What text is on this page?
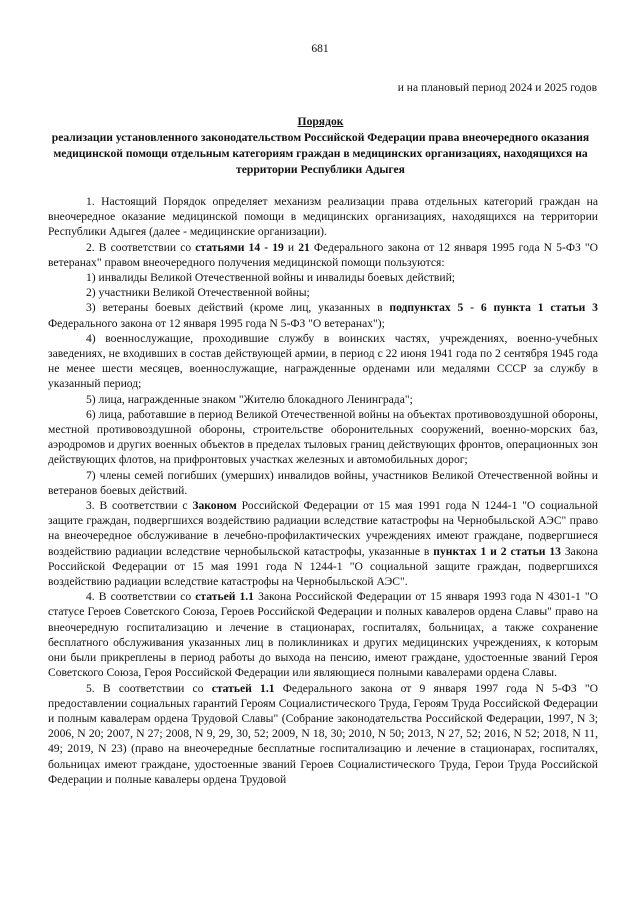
681
и на плановый период 2024 и 2025 годов
Порядок
реализации установленного законодательством Российской Федерации права внеочередного оказания медицинской помощи отдельным категориям граждан в медицинских организациях, находящихся на территории Республики Адыгея

1. Настоящий Порядок определяет механизм реализации права отдельных категорий граждан на внеочередное оказание медицинской помощи в медицинских организациях, находящихся на территории Республики Адыгея (далее - медицинские организации).

2. В соответствии со статьями 14 - 19 и 21 Федерального закона от 12 января 1995 года N 5-ФЗ "О ветеранах" правом внеочередного получения медицинской помощи пользуются:

1) инвалиды Великой Отечественной войны и инвалиды боевых действий;

2) участники Великой Отечественной войны;

3) ветераны боевых действий (кроме лиц, указанных в подпунктах 5 - 6 пункта 1 статьи 3 Федерального закона от 12 января 1995 года N 5-ФЗ "О ветеранах");

4) военнослужащие, проходившие службу в воинских частях, учреждениях, военно-учебных заведениях, не входивших в состав действующей армии, в период с 22 июня 1941 года по 2 сентября 1945 года не менее шести месяцев, военнослужащие, награжденные орденами или медалями СССР за службу в указанный период;

5) лица, награжденные знаком "Жителю блокадного Ленинграда";

6) лица, работавшие в период Великой Отечественной войны на объектах противовоздушной обороны, местной противовоздушной обороны, строительстве оборонительных сооружений, военно-морских баз, аэродромов и других военных объектов в пределах тыловых границ действующих фронтов, операционных зон действующих флотов, на прифронтовых участках железных и автомобильных дорог;

7) члены семей погибших (умерших) инвалидов войны, участников Великой Отечественной войны и ветеранов боевых действий.

3. В соответствии с Законом Российской Федерации от 15 мая 1991 года N 1244-1 "О социальной защите граждан, подвергшихся воздействию радиации вследствие катастрофы на Чернобыльской АЭС" право на внеочередное обслуживание в лечебно-профилактических учреждениях имеют граждане, подвергшиеся воздействию радиации вследствие чернобыльской катастрофы, указанные в пунктах 1 и 2 статьи 13 Закона Российской Федерации от 15 мая 1991 года N 1244-1 "О социальной защите граждан, подвергшихся воздействию радиации вследствие катастрофы на Чернобыльской АЭС".

4. В соответствии со статьей 1.1 Закона Российской Федерации от 15 января 1993 года N 4301-1 "О статусе Героев Советского Союза, Героев Российской Федерации и полных кавалеров ордена Славы" право на внеочередную госпитализацию и лечение в стационарах, госпиталях, больницах, а также сохранение бесплатного обслуживания указанных лиц в поликлиниках и других медицинских учреждениях, к которым они были прикреплены в период работы до выхода на пенсию, имеют граждане, удостоенные званий Героя Советского Союза, Героя Российской Федерации или являющиеся полными кавалерами ордена Славы.

5. В соответствии со статьей 1.1 Федерального закона от 9 января 1997 года N 5-ФЗ "О предоставлении социальных гарантий Героям Социалистического Труда, Героям Труда Российской Федерации и полным кавалерам ордена Трудовой Славы" (Собрание законодательства Российской Федерации, 1997, N 3; 2006, N 20; 2007, N 27; 2008, N 9, 29, 30, 52; 2009, N 18, 30; 2010, N 50; 2013, N 27, 52; 2016, N 52; 2018, N 11, 49; 2019, N 23) (право на внеочередные бесплатные госпитализацию и лечение в стационарах, госпиталях, больницах имеют граждане, удостоенные званий Героев Социалистического Труда, Герои Труда Российской Федерации и полные кавалеры ордена Трудовой
